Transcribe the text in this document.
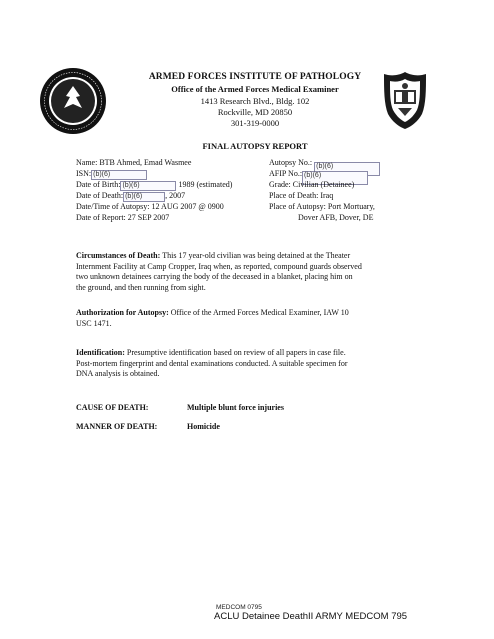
ARMED FORCES INSTITUTE OF PATHOLOGY
Office of the Armed Forces Medical Examiner
1413 Research Blvd., Bldg. 102
Rockville, MD 20850
301-319-0000
FINAL AUTOPSY REPORT
Name: BTB Ahmed, Emad Wasmee
ISN: (b)(6)
Date of Birth: (b)(6)	1989 (estimated)
Date of Death: (b)(6)	, 2007
Date/Time of Autopsy: 12 AUG 2007 @ 0900
Date of Report: 27 SEP 2007
Autopsy No.: (b)(6)
AFIP No.: (b)(6)
Grade: Civilian (Detainee)
Place of Death: Iraq
Place of Autopsy: Port Mortuary,
Dover AFB, Dover, DE
Circumstances of Death: This 17 year-old civilian was being detained at the Theater
Internment Facility at Camp Cropper, Iraq when, as reported, compound guards observed
two unknown detainees carrying the body of the deceased in a blanket, placing him on
the ground, and then running from sight.
Authorization for Autopsy: Office of the Armed Forces Medical Examiner, IAW 10
USC 1471.
Identification: Presumptive identification based on review of all papers in case file.
Post-mortem fingerprint and dental examinations conducted. A suitable specimen for
DNA analysis is obtained.
CAUSE OF DEATH:	Multiple blunt force injuries
MANNER OF DEATH:	Homicide
MEDCOM 0795
ACLU Detainee DeathII ARMY MEDCOM 795
